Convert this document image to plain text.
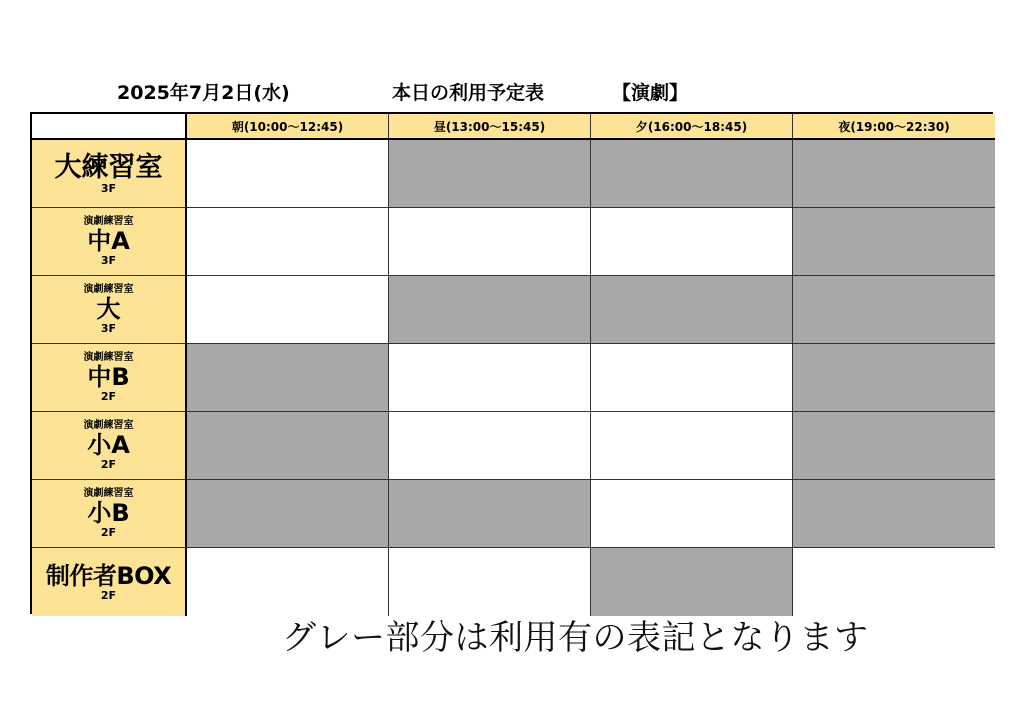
2025年7月2日(水)	本日の利用予定表	【演劇】
朝(10:00〜12:45)	昼(13:00〜15:45)	夕(16:00〜18:45)	夜(19:00〜22:30)
大練習室
3F
演劇練習室
中A
3F
演劇練習室
大
3F
演劇練習室
中B
2F
演劇練習室
小A
2F
演劇練習室
小B
2F
制作者BOX
2F
グレー部分は利用有の表記となります
